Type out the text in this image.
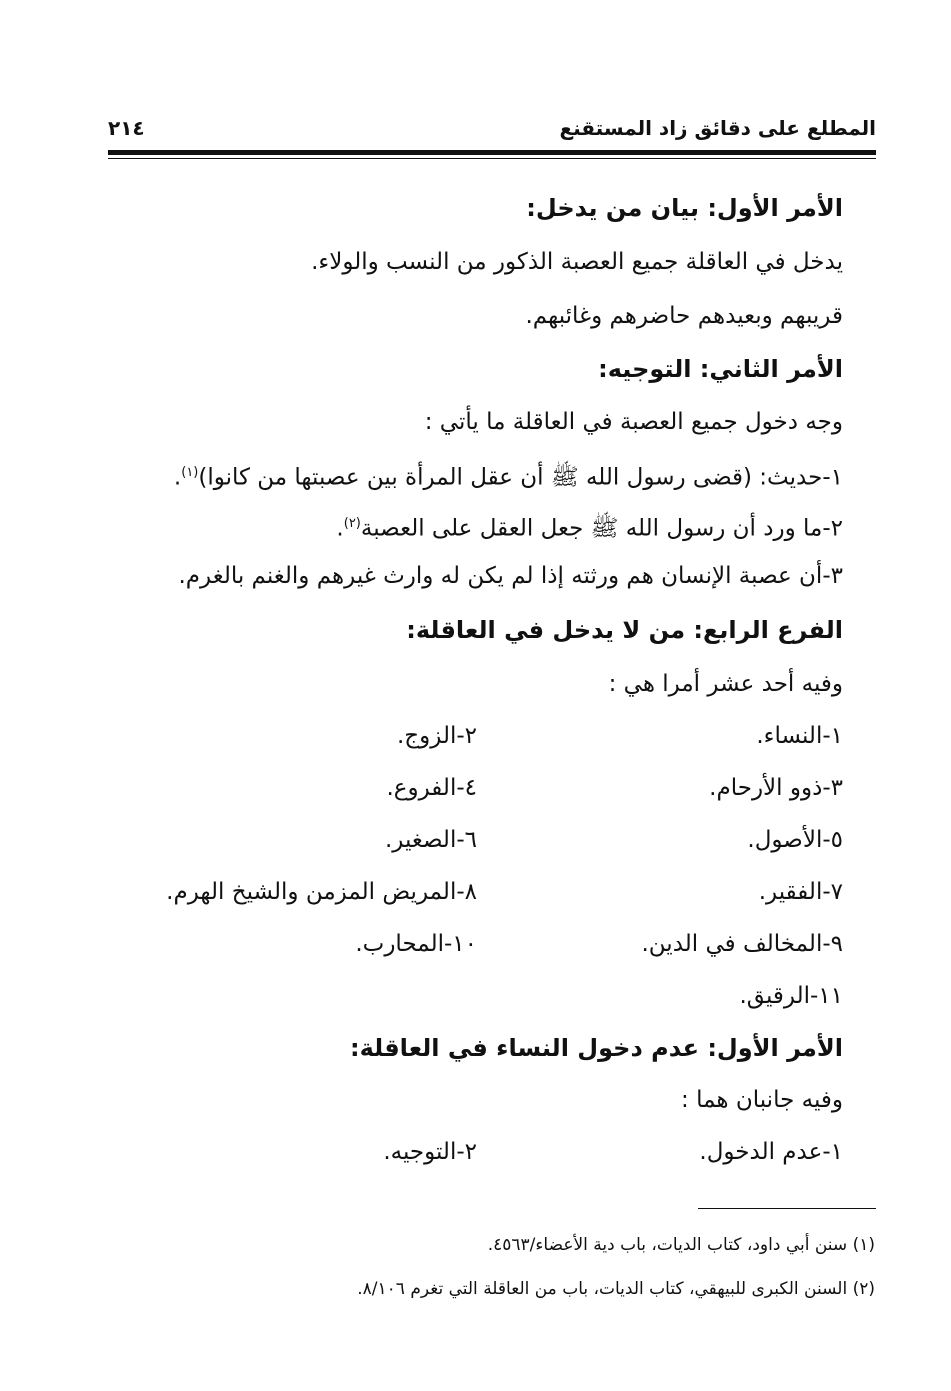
المطلع على دقائق زاد المستقنع
٢١٤
الأمر الأول: بيان من يدخل:
يدخل في العاقلة جميع العصبة الذكور من النسب والولاء.
قريبهم وبعيدهم حاضرهم وغائبهم.
الأمر الثاني: التوجيه:
وجه دخول جميع العصبة في العاقلة ما يأتي :
١-حديث: (قضى رسول الله ﷺ أن عقل المرأة بين عصبتها من كانوا)$^{(١)}$.
٢-ما ورد أن رسول الله ﷺ جعل العقل على العصبة$^{(٢)}$.
٣-أن عصبة الإنسان هم ورثته إذا لم يكن له وارث غيرهم والغنم بالغرم.
الفرع الرابع: من لا يدخل في العاقلة:
وفيه أحد عشر أمرا هي :
١-النساء.
٢-الزوج.
٣-ذوو الأرحام.
٤-الفروع.
٥-الأصول.
٦-الصغير.
٧-الفقير.
٨-المريض المزمن والشيخ الهرم.
٩-المخالف في الدين.
١٠-المحارب.
١١-الرقيق.
الأمر الأول: عدم دخول النساء في العاقلة:
وفيه جانبان هما :
١-عدم الدخول.
٢-التوجيه.
(١) سنن أبي داود، كتاب الديات، باب دية الأعضاء/٤٥٦٣.
(٢) السنن الكبرى للبيهقي، كتاب الديات، باب من العاقلة التي تغرم ٨/١٠٦.
